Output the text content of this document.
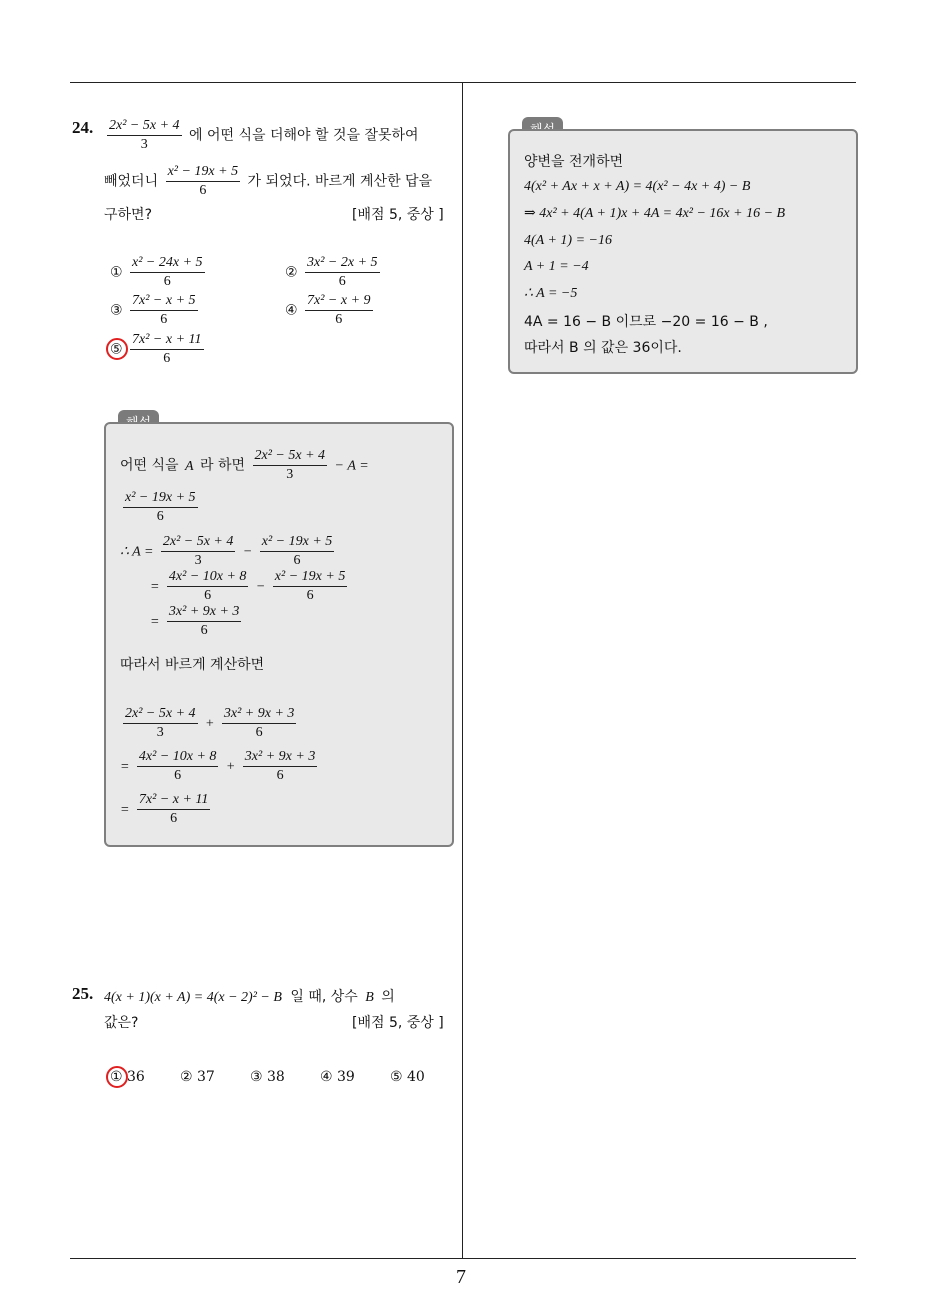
24. $\frac{\text{2x² − 5x + 4}}{3}$ 에 어떤 식을 더해야 할 것을 잘못하여
빼었더니 $\frac{\text{x² − 19x + 5}}{6}$ 가 되었다. 바르게 계산한 답을
구하면?	[배점 5, 중상 ]
① $\frac{\text{x² − 24x + 5}}{6}$	② $\frac{\text{3x² − 2x + 5}}{6}$
③ $\frac{\text{7x² − x + 5}}{6}$	④ $\frac{\text{7x² − x + 9}}{6}$
⑤ $\frac{\text{7x² − x + 11}}{6}$
어떤 식을 A 라 하면 $\frac{\text{2x² − 5x + 4}}{3} - A$ =
$\frac{\text{x² − 19x + 5}}{6}$
∴ $A = \frac{\text{2x² − 5x + 4}}{3} - \frac{\text{x² − 19x + 5}}{6}$
= $\frac{\text{4x² − 10x + 8}}{6} - \frac{\text{x² − 19x + 5}}{6}$
= $\frac{\text{3x² + 9x + 3}}{6}$
따라서 바르게 계산하면
$\frac{\text{2x² − 5x + 4}}{3} + \frac{\text{3x² + 9x + 3}}{6}$
= $\frac{\text{4x² − 10x + 8}}{6} + \frac{\text{3x² + 9x + 3}}{6}$
= $\frac{\text{7x² − x + 11}}{6}$
25. 4(x + 1)(x + A) = 4(x − 2)² − B 일 때, 상수 B 의
값은?	[배점 5, 중상 ]
① 36	② 37	③ 38	④ 39	⑤ 40
양변을 전개하면
4(x² + Ax + x + A) = 4(x² − 4x + 4) − B
⇒ 4x² + 4(A + 1)x + 4A = 4x² − 16x + 16 − B
4(A + 1) = −16
A + 1 = −4
∴ A = −5
4A = 16 − B 이므로 −20 = 16 − B ,
따라서 B 의 값은 36이다.
7
